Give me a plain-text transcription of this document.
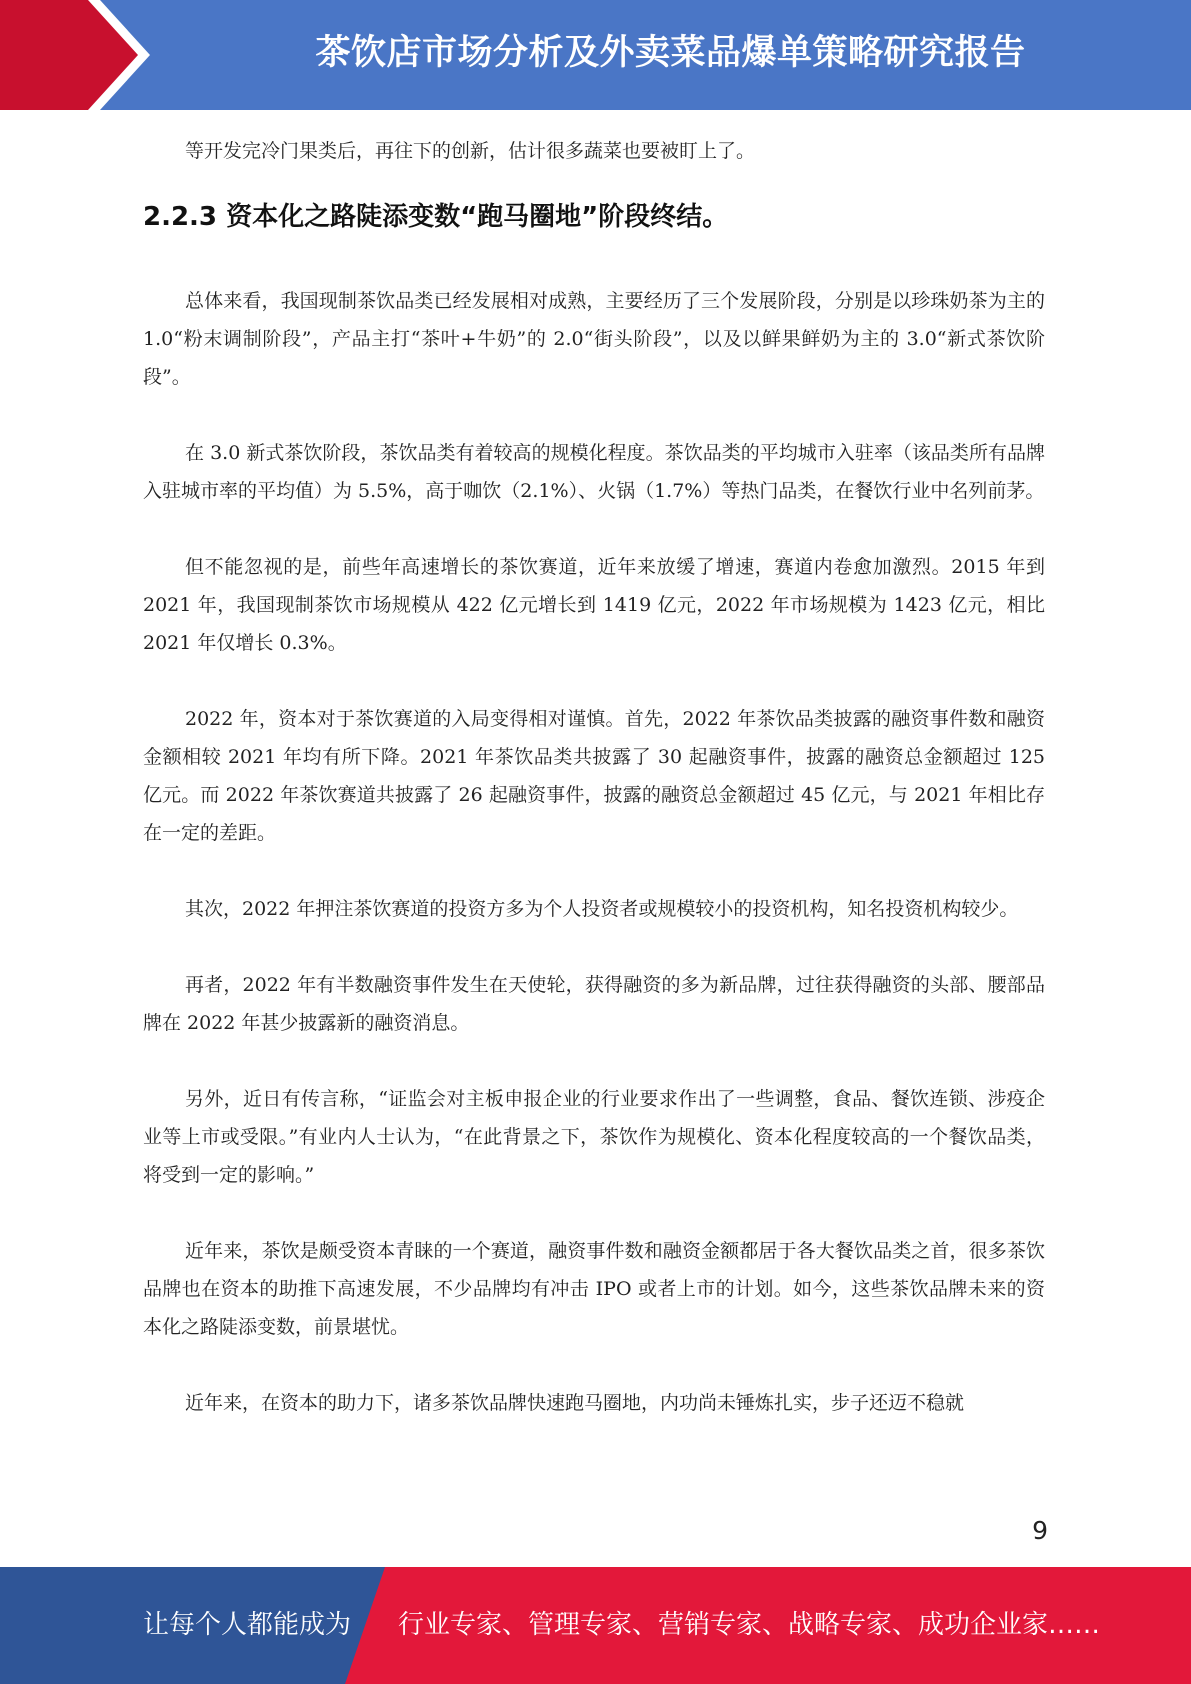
茶饮店市场分析及外卖菜品爆单策略研究报告

等开发完冷门果类后，再往下的创新，估计很多蔬菜也要被盯上了。

2.2.3 资本化之路陡添变数“跑马圈地”阶段终结。

总体来看，我国现制茶饮品类已经发展相对成熟，主要经历了三个发展阶段，分别是以珍珠奶茶为主的 1.0“粉末调制阶段”，产品主打“茶叶+牛奶”的 2.0“街头阶段”，以及以鲜果鲜奶为主的 3.0“新式茶饮阶段”。

在 3.0 新式茶饮阶段，茶饮品类有着较高的规模化程度。茶饮品类的平均城市入驻率（该品类所有品牌入驻城市率的平均值）为 5.5%，高于咖饮（2.1%）、火锅（1.7%）等热门品类，在餐饮行业中名列前茅。

但不能忽视的是，前些年高速增长的茶饮赛道，近年来放缓了增速，赛道内卷愈加激烈。2015 年到 2021 年，我国现制茶饮市场规模从 422 亿元增长到 1419 亿元，2022 年市场规模为 1423 亿元，相比 2021 年仅增长 0.3%。

2022 年，资本对于茶饮赛道的入局变得相对谨慎。首先，2022 年茶饮品类披露的融资事件数和融资金额相较 2021 年均有所下降。2021 年茶饮品类共披露了 30 起融资事件，披露的融资总金额超过 125 亿元。而 2022 年茶饮赛道共披露了 26 起融资事件，披露的融资总金额超过 45 亿元，与 2021 年相比存在一定的差距。

其次，2022 年押注茶饮赛道的投资方多为个人投资者或规模较小的投资机构，知名投资机构较少。

再者，2022 年有半数融资事件发生在天使轮，获得融资的多为新品牌，过往获得融资的头部、腰部品牌在 2022 年甚少披露新的融资消息。

另外，近日有传言称，“证监会对主板申报企业的行业要求作出了一些调整，食品、餐饮连锁、涉疫企业等上市或受限。”有业内人士认为，“在此背景之下，茶饮作为规模化、资本化程度较高的一个餐饮品类，将受到一定的影响。”

近年来，茶饮是颇受资本青睐的一个赛道，融资事件数和融资金额都居于各大餐饮品类之首，很多茶饮品牌也在资本的助推下高速发展，不少品牌均有冲击 IPO 或者上市的计划。如今，这些茶饮品牌未来的资本化之路陡添变数，前景堪忧。

近年来，在资本的助力下，诸多茶饮品牌快速跑马圈地，内功尚未锤炼扎实，步子还迈不稳就

9
让每个人都能成为 行业专家、管理专家、营销专家、战略专家、成功企业家……
